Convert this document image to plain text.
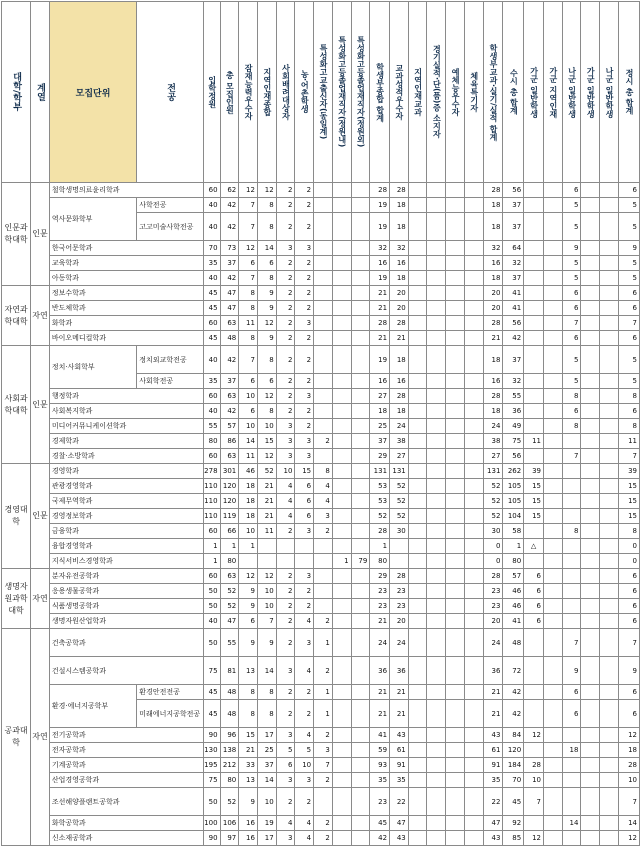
대학/학부	계열	모집단위	전공	입학정원	총 모집인원	잠재능력우수자	지역인재종합	사회배려대상자	농·어촌학생	특성화고교출신자(동일계)	특성화고등졸업재직자(정원내)	특성화고등졸업재직자(정원외)	학생부종합 합계	교과성적우수자	지역인재교과	경기실적·단(품)증 소지자	예체능우수자	체육특기자	학생부교과·실기/실적 합계	수시 총 합계	가군 일반학생	가군 지역인재	나군 일반학생	가군 일반학생	나군 일반학생	정시 총 합계
인문과학대학	인문	철학생명의료윤리학과		60	62	12	12	2	2				28	28					28	56			6			6
		역사문화학부	사학전공	40	42	7	8	2	2				19	18					18	37			5			5
			고고미술사학전공	40	42	7	8	2	2				19	18					18	37			5			5
		한국어문학과		70	73	12	14	3	3				32	32					32	64			9			9
		교육학과		35	37	6	6	2	2				16	16					16	32			5			5
		아동학과		40	42	7	8	2	2				19	18					18	37			5			5
자연과학대학	자연	정보수학과		45	47	8	9	2	2				21	20					20	41			6			6
		반도체학과		45	47	8	9	2	2				21	20					20	41			6			6
		화학과		60	63	11	12	2	3				28	28					28	56			7			7
		바이오메디컬학과		45	48	8	9	2	2				21	21					21	42			6			6
사회과학대학	인문	정치·사회학부	정치외교학전공	40	42	7	8	2	2				19	18					18	37			5			5
			사회학전공	35	37	6	6	2	2				16	16					16	32			5			5
		행정학과		60	63	10	12	2	3				27	28					28	55			8			8
		사회복지학과		40	42	6	8	2	2				18	18					18	36			6			6
		미디어커뮤니케이션학과		55	57	10	10	3	2				25	24					24	49			8			8
		경제학과		80	86	14	15	3	3	2			37	38					38	75	11					11
		경찰·소방학과		60	63	11	12	3	3				29	27					27	56			7			7
경영대학	인문	경영학과		278	301	46	52	10	15	8			131	131					131	262	39					39
		관광경영학과		110	120	18	21	4	6	4			53	52					52	105	15					15
		국제무역학과		110	120	18	21	4	6	4			53	52					52	105	15					15
		경영정보학과		110	119	18	21	4	6	3			52	52					52	104	15					15
		금융학과		60	66	10	11	2	3	2			28	30					30	58			8			8
		융합경영학과		1	1	1							1						0	1	△					0
		지식서비스경영학과		1	80						1	79	80						0	80						0
생명자원과학대학	자연	분자유전공학과		60	63	12	12	2	3				29	28					28	57	6					6
		응용생물공학과		50	52	9	10	2	2				23	23					23	46	6					6
		식품생명공학과		50	52	9	10	2	2				23	23					23	46	6					6
		생명자원산업학과		40	47	6	7	2	4	2			21	20					20	41	6					6
공과대학	자연	건축공학과		50	55	9	9	2	3	1			24	24					24	48			7			7
		건설시스템공학과		75	81	13	14	3	4	2			36	36					36	72			9			9
		환경·에너지공학부	환경안전전공	45	48	8	8	2	2	1			21	21					21	42			6			6
			미래에너지공학전공	45	48	8	8	2	2	1			21	21					21	42			6			6
		전기공학과		90	96	15	17	3	4	2			41	43					43	84	12					12
		전자공학과		130	138	21	25	5	5	3			59	61					61	120			18			18
		기계공학과		195	212	33	37	6	10	7			93	91					91	184	28					28
		산업경영공학과		75	80	13	14	3	3	2			35	35					35	70	10					10
		조선해양플랜트공학과		50	52	9	10	2	2				23	22					22	45	7					7
		화학공학과		100	106	16	19	4	4	2			45	47					47	92			14			14
		신소재공학과		90	97	16	17	3	4	2			42	43					43	85	12					12
